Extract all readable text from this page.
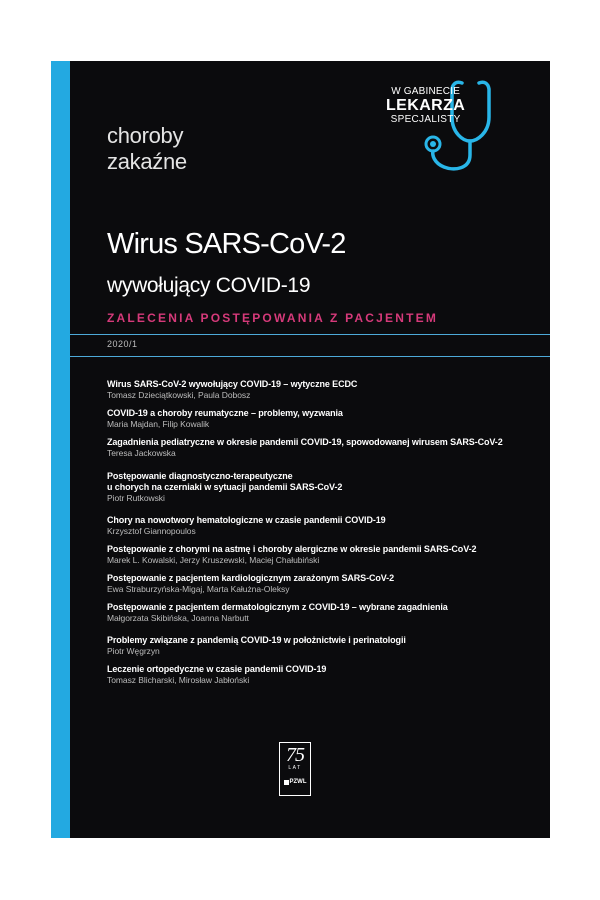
choroby
zakaźne
W GABINECIE
LEKARZA
SPECJALISTY
Wirus SARS-CoV-2
wywołujący COVID-19
ZALECENIA POSTĘPOWANIA Z PACJENTEM
2020/1
Wirus SARS-CoV-2 wywołujący COVID-19 – wytyczne ECDC
Tomasz Dzieciątkowski, Paula Dobosz
COVID-19 a choroby reumatyczne – problemy, wyzwania
Maria Majdan, Filip Kowalik
Zagadnienia pediatryczne w okresie pandemii COVID-19, spowodowanej wirusem SARS-CoV-2
Teresa Jackowska
Postępowanie diagnostyczno-terapeutyczne
u chorych na czerniaki w sytuacji pandemii SARS-CoV-2
Piotr Rutkowski
Chory na nowotwory hematologiczne w czasie pandemii COVID-19
Krzysztof Giannopoulos
Postępowanie z chorymi na astmę i choroby alergiczne w okresie pandemii SARS-CoV-2
Marek L. Kowalski, Jerzy Kruszewski, Maciej Chałubiński
Postępowanie z pacjentem kardiologicznym zarażonym SARS-CoV-2
Ewa Straburzyńska-Migaj, Marta Kałużna-Oleksy
Postępowanie z pacjentem dermatologicznym z COVID-19 – wybrane zagadnienia
Małgorzata Skibińska, Joanna Narbutt
Problemy związane z pandemią COVID-19 w położnictwie i perinatologii
Piotr Węgrzyn
Leczenie ortopedyczne w czasie pandemii COVID-19
Tomasz Blicharski, Mirosław Jabłoński
75
LAT
PZWL
